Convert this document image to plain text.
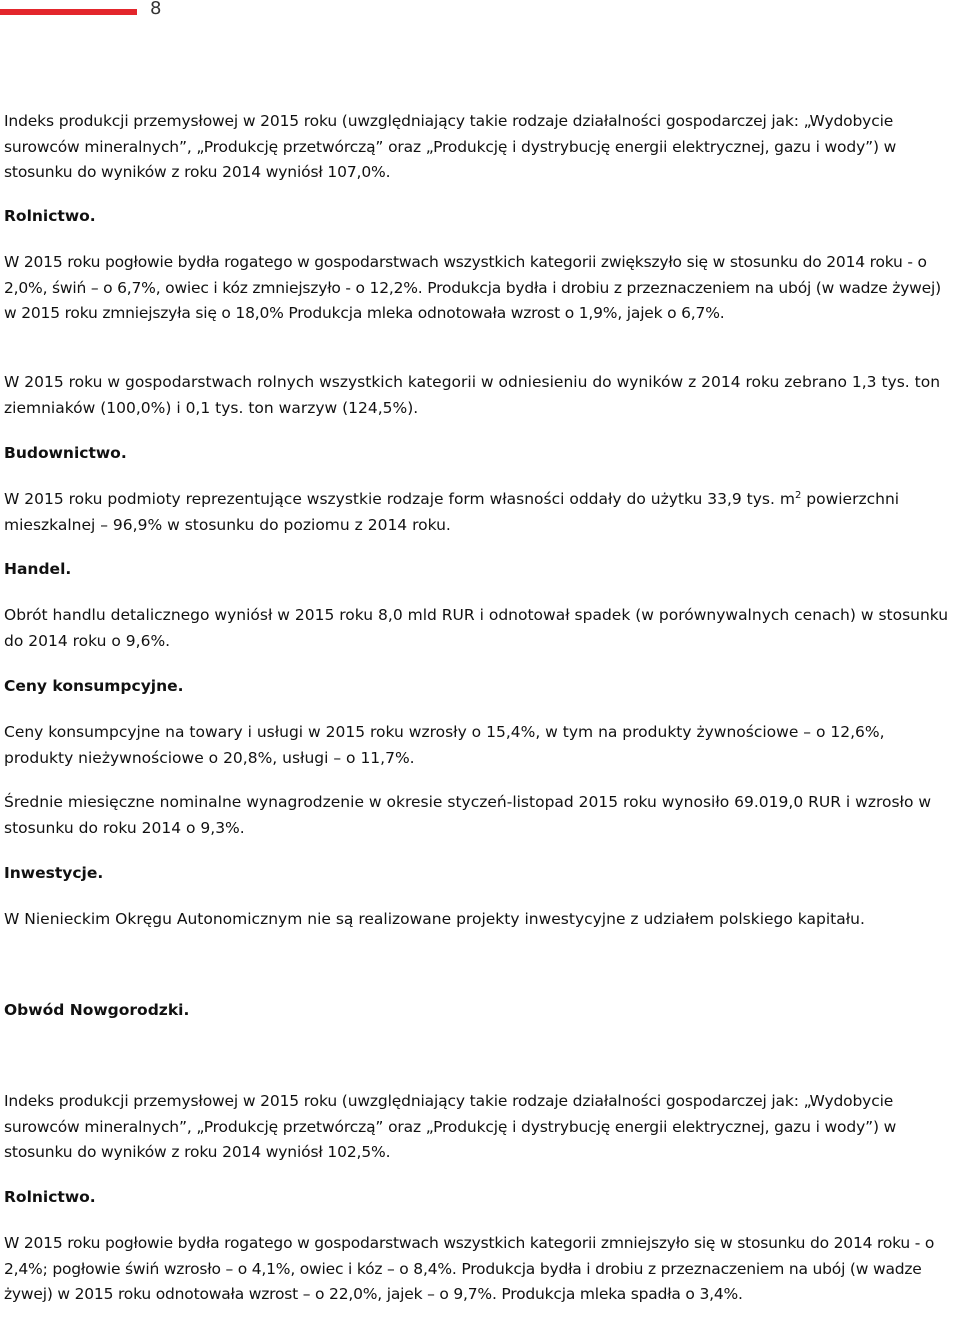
8

Indeks produkcji przemysłowej w 2015 roku (uwzględniający takie rodzaje działalności gospodarczej jak: „Wydobycie surowców mineralnych”, „Produkcję przetwórczą” oraz „Produkcję i dystrybucję energii elektrycznej, gazu i wody”) w stosunku do wyników z roku 2014 wyniósł 107,0%.

Rolnictwo.

W 2015 roku pogłowie bydła rogatego w gospodarstwach wszystkich kategorii zwiększyło się w stosunku do 2014 roku - o 2,0%, świń – o 6,7%, owiec i kóz zmniejszyło - o 12,2%. Produkcja bydła i drobiu z przeznaczeniem na ubój (w wadze żywej) w 2015 roku zmniejszyła się o 18,0% Produkcja mleka odnotowała wzrost o 1,9%, jajek o 6,7%.

W 2015 roku w gospodarstwach rolnych wszystkich kategorii w odniesieniu do wyników z 2014 roku zebrano 1,3 tys. ton ziemniaków (100,0%) i 0,1 tys. ton warzyw (124,5%).

Budownictwo.

W 2015 roku podmioty reprezentujące wszystkie rodzaje form własności oddały do użytku 33,9 tys. $m^2$ powierzchni mieszkalnej – 96,9% w stosunku do poziomu z 2014 roku.

Handel.

Obrót handlu detalicznego wyniósł w 2015 roku 8,0 mld RUR i odnotował spadek (w porównywalnych cenach) w stosunku do 2014 roku o 9,6%.

Ceny konsumpcyjne.

Ceny konsumpcyjne na towary i usługi w 2015 roku wzrosły o 15,4%, w tym na produkty żywnościowe – o 12,6%, produkty nieżywnościowe o 20,8%, usługi – o 11,7%.

Średnie miesięczne nominalne wynagrodzenie w okresie styczeń-listopad 2015 roku wynosiło 69.019,0 RUR i wzrosło w stosunku do roku 2014 o 9,3%.

Inwestycje.

W Nienieckim Okręgu Autonomicznym nie są realizowane projekty inwestycyjne z udziałem polskiego kapitału.

Obwód Nowgorodzki.

Indeks produkcji przemysłowej w 2015 roku (uwzględniający takie rodzaje działalności gospodarczej jak: „Wydobycie surowców mineralnych”, „Produkcję przetwórczą” oraz „Produkcję i dystrybucję energii elektrycznej, gazu i wody”) w stosunku do wyników z roku 2014 wyniósł 102,5%.

Rolnictwo.

W 2015 roku pogłowie bydła rogatego w gospodarstwach wszystkich kategorii zmniejszyło się w stosunku do 2014 roku - o 2,4%; pogłowie świń wzrosło – o 4,1%, owiec i kóz – o 8,4%. Produkcja bydła i drobiu z przeznaczeniem na ubój (w wadze żywej) w 2015 roku odnotowała wzrost – o 22,0%, jajek – o 9,7%. Produkcja mleka spadła o 3,4%.
